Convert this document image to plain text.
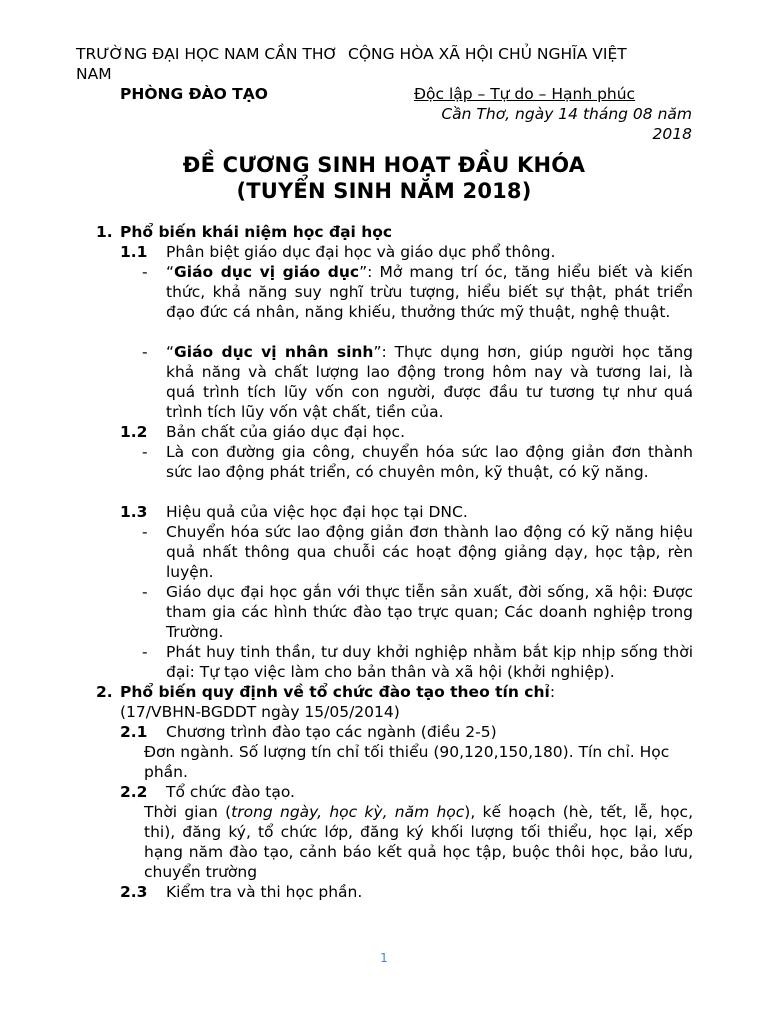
TRƯỜNG ĐẠI HỌC NAM CẦN THƠ
NAM
CỘNG HÒA XÃ HỘI CHỦ NGHĨA VIỆT
PHÒNG ĐÀO TẠO	Độc lập – Tự do – Hạnh phúc
Cần Thơ, ngày 14 tháng 08 năm
2018
ĐỀ CƯƠNG SINH HOẠT ĐẦU KHÓA
(TUYỂN SINH NĂM 2018)
1. Phổ biến khái niệm học đại học
1.1 Phân biệt giáo dục đại học và giáo dục phổ thông.
- “Giáo dục vị giáo dục”: Mở mang trí óc, tăng hiểu biết và kiến thức, khả năng suy nghĩ trừu tượng, hiểu biết sự thật, phát triển đạo đức cá nhân, năng khiếu, thưởng thức mỹ thuật, nghệ thuật.
- “Giáo dục vị nhân sinh”: Thực dụng hơn, giúp người học tăng khả năng và chất lượng lao động trong hôm nay và tương lai, là quá trình tích lũy vốn con người, được đầu tư tương tự như quá trình tích lũy vốn vật chất, tiền của.
1.2 Bản chất của giáo dục đại học.
- Là con đường gia công, chuyển hóa sức lao động giản đơn thành sức lao động phát triển, có chuyên môn, kỹ thuật, có kỹ năng.
1.3 Hiệu quả của việc học đại học tại DNC.
- Chuyển hóa sức lao động giản đơn thành lao động có kỹ năng hiệu quả nhất thông qua chuỗi các hoạt động giảng dạy, học tập, rèn luyện.
- Giáo dục đại học gắn với thực tiễn sản xuất, đời sống, xã hội: Được tham gia các hình thức đào tạo trực quan; Các doanh nghiệp trong Trường.
- Phát huy tinh thần, tư duy khởi nghiệp nhằm bắt kịp nhịp sống thời đại: Tự tạo việc làm cho bản thân và xã hội (khởi nghiệp).
2. Phổ biến quy định về tổ chức đào tạo theo tín chỉ:
(17/VBHN-BGDDT ngày 15/05/2014)
2.1 Chương trình đào tạo các ngành (điều 2-5)
Đơn ngành. Số lượng tín chỉ tối thiểu (90,120,150,180). Tín chỉ. Học phần.
2.2 Tổ chức đào tạo.
Thời gian (trong ngày, học kỳ, năm học), kế hoạch (hè, tết, lễ, học, thi), đăng ký, tổ chức lớp, đăng ký khối lượng tối thiểu, học lại, xếp hạng năm đào tạo, cảnh báo kết quả học tập, buộc thôi học, bảo lưu, chuyển trường
2.3 Kiểm tra và thi học phần.
1
